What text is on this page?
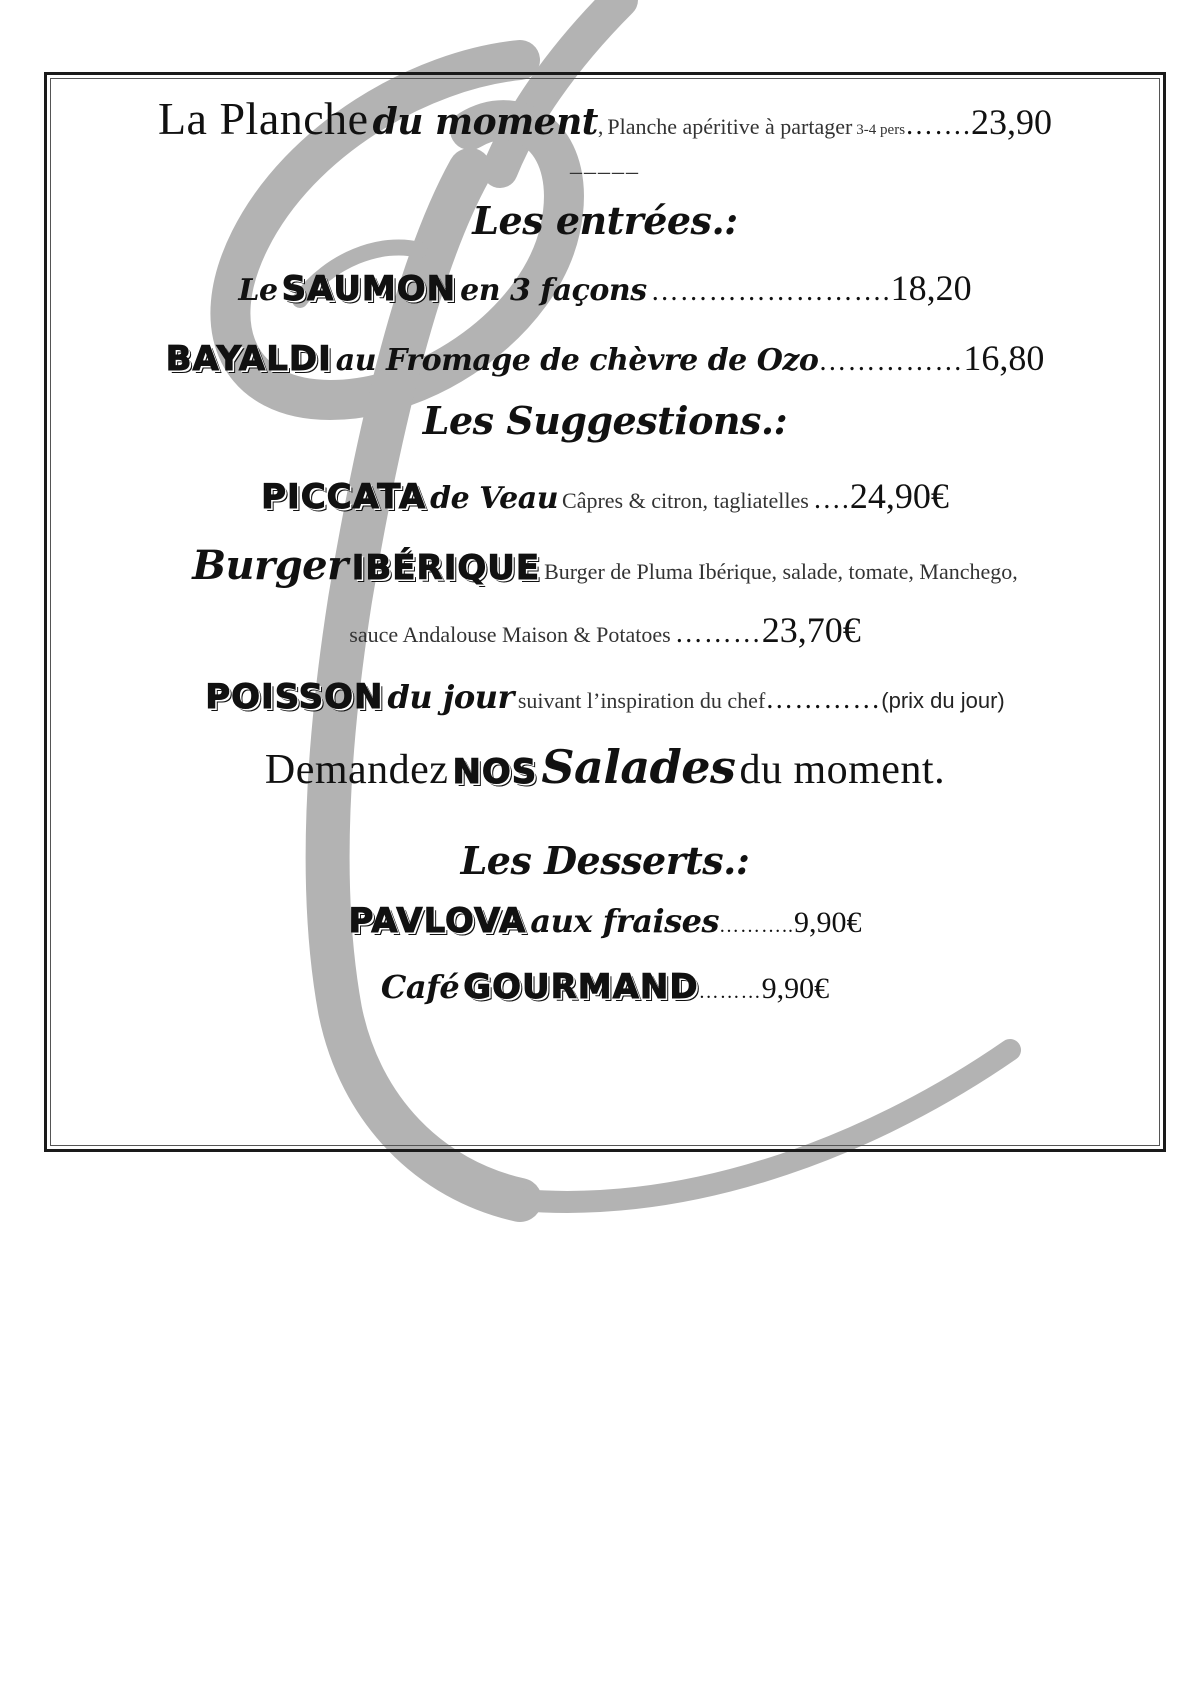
La Planche du moment, Planche apéritive à partager 3-4 pers…….23,90
_____
Les entrées.:
Le SAUMON en 3 façons …………………….18,20
BAYALDI au Fromage de chèvre de Ozo……………16,80
Les Suggestions.:
PICCATA de Veau Câpres & citron, tagliatelles ….24,90€
Burger IBÉRIQUE Burger de Pluma Ibérique, salade, tomate, Manchego,
sauce Andalouse Maison & Potatoes ………23,70€
POISSON du jour suivant l’inspiration du chef…………(prix du jour)
Demandez NOS Salades du moment.
Les Desserts.:
PAVLOVA aux fraises………..9,90€
Café GOURMAND………9,90€
